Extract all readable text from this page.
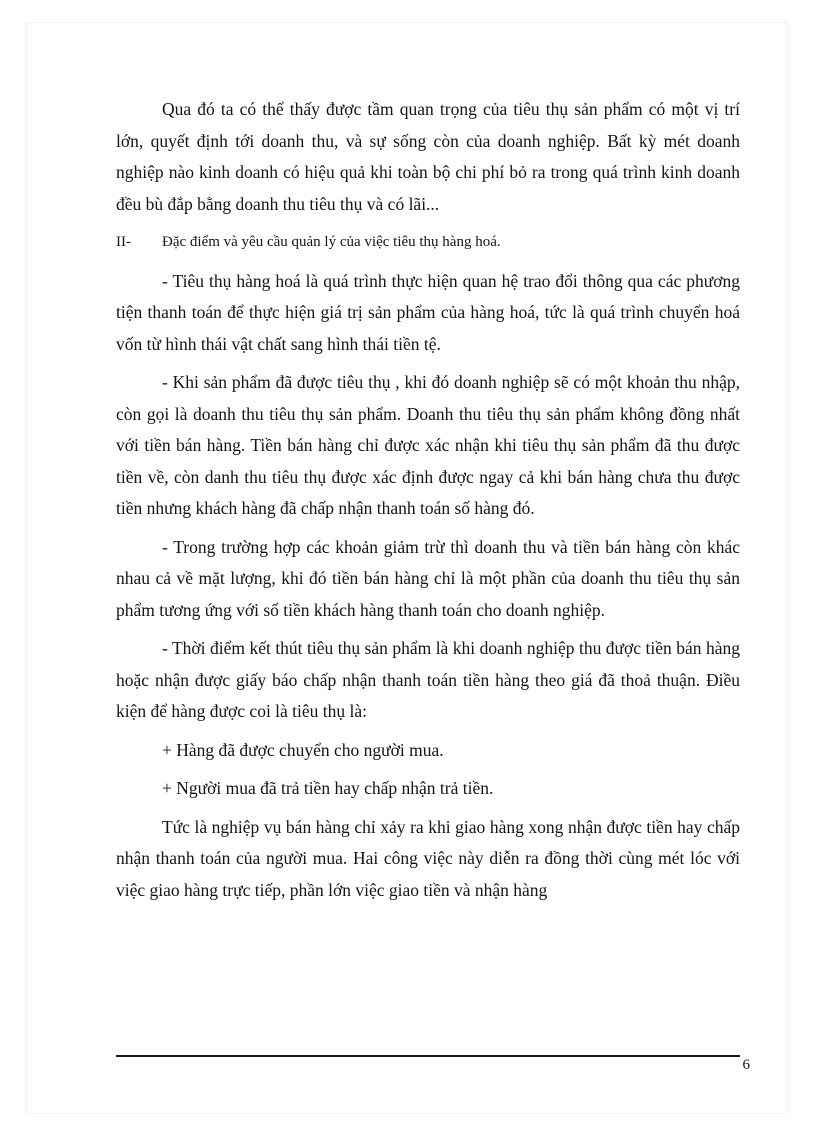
Qua đó ta có thể thấy được tầm quan trọng của tiêu thụ sản phẩm có một vị trí lớn, quyết định tới doanh thu, và sự sống còn của doanh nghiệp. Bất kỳ mét doanh nghiệp nào kinh doanh có hiệu quả khi toàn bộ chi phí bỏ ra trong quá trình kinh doanh đều bù đắp bằng doanh thu tiêu thụ và có lãi...

II-	Đặc điểm và yêu cầu quản lý của việc tiêu thụ hàng hoá.

- Tiêu thụ hàng hoá là quá trình thực hiện quan hệ trao đổi thông qua các phương tiện thanh toán để thực hiện giá trị sản phẩm của hàng hoá, tức là quá trình chuyển hoá vốn từ hình thái vật chất sang hình thái tiền tệ.

- Khi sản phẩm đã được tiêu thụ , khi đó doanh nghiệp sẽ có một khoản thu nhập, còn gọi là doanh thu tiêu thụ sản phẩm. Doanh thu tiêu thụ sản phẩm không đồng nhất với tiền bán hàng. Tiền bán hàng chỉ được xác nhận khi tiêu thụ sản phẩm đã thu được tiền về, còn danh thu tiêu thụ được xác định được ngay cả khi bán hàng chưa thu được tiền nhưng khách hàng đã chấp nhận thanh toán số hàng đó.

- Trong trường hợp các khoản giảm trừ thì doanh thu và tiền bán hàng còn khác nhau cả về mặt lượng, khi đó tiền bán hàng chỉ là một phần của doanh thu tiêu thụ sản phẩm tương ứng với số tiền khách hàng thanh toán cho doanh nghiệp.

- Thời điểm kết thút tiêu thụ sản phẩm là khi doanh nghiệp thu được tiền bán hàng hoặc nhận được giấy báo chấp nhận thanh toán tiền hàng theo giá đã thoả thuận. Điều kiện để hàng được coi là tiêu thụ là:

+ Hàng đã được chuyển cho người mua.
+ Người mua đã trả tiền hay chấp nhận trả tiền.

Tức là nghiệp vụ bán hàng chỉ xảy ra khi giao hàng xong nhận được tiền hay chấp nhận thanh toán của người mua. Hai công việc này diễn ra đồng thời cùng mét lóc với việc giao hàng trực tiếp, phần lớn việc giao tiền và nhận hàng

6
